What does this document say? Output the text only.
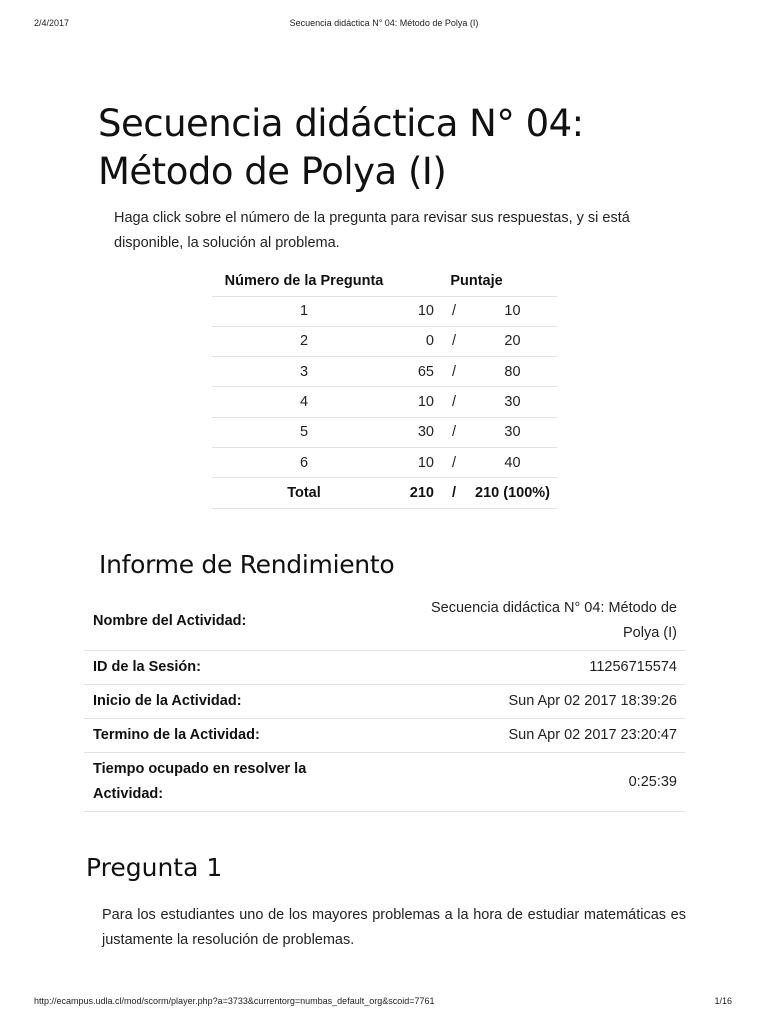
2/4/2017	Secuencia didáctica N° 04: Método de Polya (I)
Secuencia didáctica N° 04:
Método de Polya (I)

Haga click sobre el número de la pregunta para revisar sus respuestas, y si está disponible, la solución al problema.

Número de la Pregunta	Puntaje		
1	10	/	10
2	0	/	20
3	65	/	80
4	10	/	30
5	30	/	30
6	10	/	40
Total	210	/	210 (100%)
Informe de Rendimiento
Nombre del Actividad:	Secuencia didáctica N° 04: Método de Polya (I)
ID de la Sesión:	11256715574
Inicio de la Actividad:	Sun Apr 02 2017 18:39:26
Termino de la Actividad:	Sun Apr 02 2017 23:20:47
Tiempo ocupado en resolver la Actividad:	0:25:39
Pregunta 1

Para los estudiantes uno de los mayores problemas a la hora de estudiar matemáticas es justamente la resolución de problemas.

http://ecampus.udla.cl/mod/scorm/player.php?a=3733&currentorg=numbas_default_org&scoid=7761	1/16
